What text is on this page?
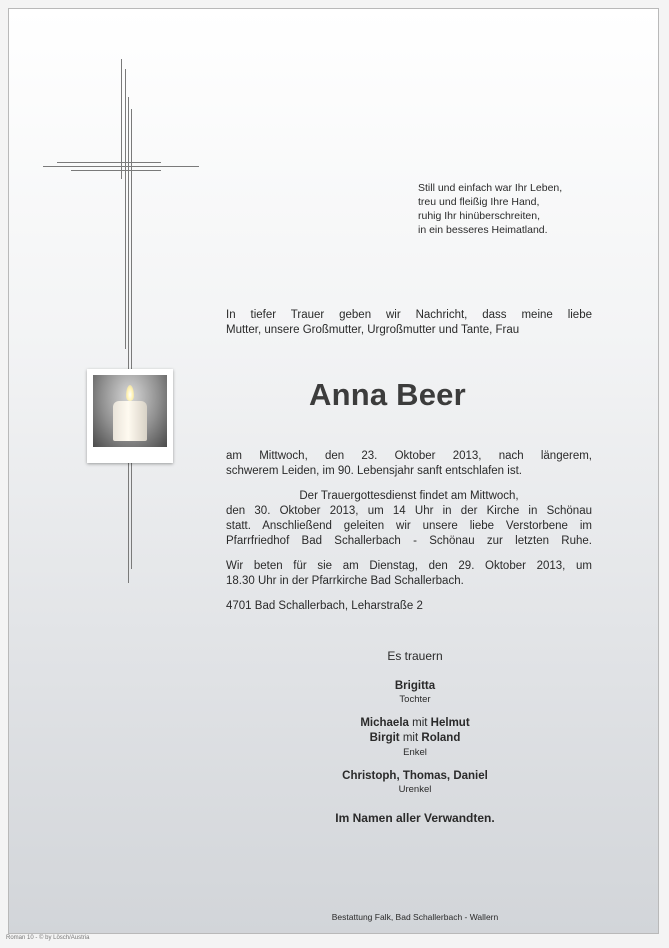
Still und einfach war Ihr Leben,
treu und fleißig Ihre Hand,
ruhig Ihr hinüberschreiten,
in ein besseres Heimatland.
In tiefer Trauer geben wir Nachricht, dass meine liebe
Mutter, unsere Großmutter, Urgroßmutter und Tante, Frau
Anna Beer
am Mittwoch, den 23. Oktober 2013, nach längerem,
schwerem Leiden, im 90. Lebensjahr sanft entschlafen ist.
Der Trauergottesdienst findet am Mittwoch,
den 30. Oktober 2013, um 14 Uhr in der Kirche in Schönau
statt. Anschließend geleiten wir unsere liebe Verstorbene im
Pfarrfriedhof Bad Schallerbach - Schönau zur letzten Ruhe.
Wir beten für sie am Dienstag, den 29. Oktober 2013, um
18.30 Uhr in der Pfarrkirche Bad Schallerbach.
4701 Bad Schallerbach, Leharstraße 2
Es trauern
Brigitta
Tochter
Michaela mit Helmut
Birgit mit Roland
Enkel
Christoph, Thomas, Daniel
Urenkel
Im Namen aller Verwandten.
Bestattung Falk, Bad Schallerbach - Wallern
Roman 10 - © by Lösch/Austria
